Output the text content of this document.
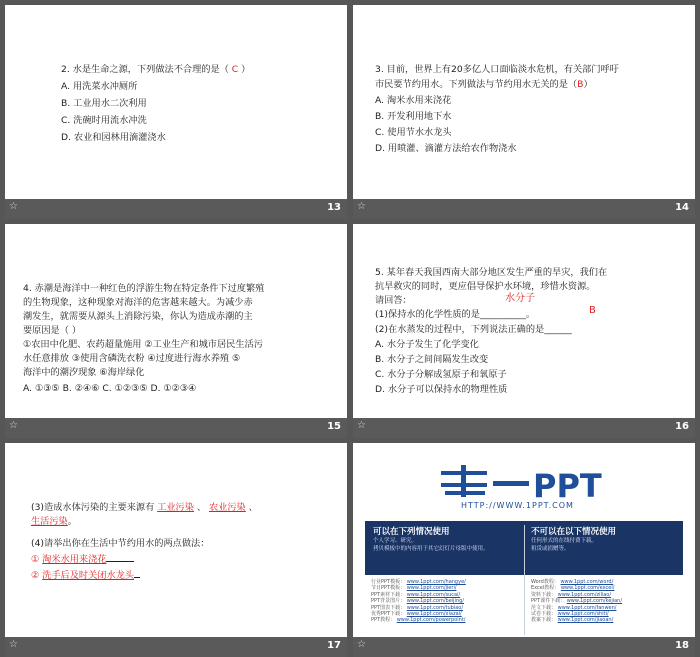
2. 水是生命之源，下列做法不合理的是（ C ）
A. 用洗菜水冲厕所
B. 工业用水二次利用
C. 洗碗时用流水冲洗
D. 农业和园林用滴灌浇水
☆	13
3. 目前，世界上有20多亿人口面临淡水危机，有关部门呼吁
市民要节约用水。下列做法与节约用水无关的是（B）
A. 淘米水用来浇花
B. 开发利用地下水
C. 使用节水水龙头
D. 用喷灌、滴灌方法给农作物浇水
☆	14
4. 赤潮是海洋中一种红色的浮游生物在特定条件下过度繁殖
的生物现象，这种现象对海洋的危害越来越大。为减少赤
潮发生，就需要从源头上消除污染，你认为造成赤潮的主
要原因是（ ）
①农田中化肥、农药超量施用 ②工业生产和城市居民生活污
水任意排放 ③使用含磷洗衣粉 ④过度进行海水养殖 ⑤
海洋中的潮汐现象 ⑥海岸绿化
A. ①③⑤ B. ②④⑥ C. ①②③⑤ D. ①②③④
☆	15
5. 某年春天我国西南大部分地区发生严重的旱灾，我们在
抗旱救灾的同时，更应倡导保护水环境，珍惜水资源。
请回答：	水分子
(1)保持水的化学性质的是__________。	B
(2)在水蒸发的过程中，下列说法正确的是______
A. 水分子发生了化学变化
B. 水分子之间间隔发生改变
C. 水分子分解成氢原子和氧原子
D. 水分子可以保持水的物理性质
☆	16
(3)造成水体污染的主要来源有 工业污染 、 农业污染 、
生活污染。
(4)请举出你在生活中节约用水的两点做法：
① 淘米水用来浇花
② 洗手后及时关闭水龙头
☆	17
PPT
HTTP://WWW.1PPT.COM
可以在下列情况使用
个人学习、研究。
拷贝模板中的内容用于其它幻灯片母版中使用。
不可以在以下情况使用
任何形式的在线付费下载。
租赁或捐赠等。
行业PPT模板： www.1ppt.com/hangye/
节日PPT模板： www.1ppt.com/jieri/
PPT素材下载： www.1ppt.com/sucai/
PPT背景图片： www.1ppt.com/beijing/
PPT图表下载： www.1ppt.com/tubiao/
优秀PPT下载： www.1ppt.com/xiazai/
PPT教程： www.1ppt.com/powerpoint/
Word教程： www.1ppt.com/word/
Excel教程： www.1ppt.com/excel/
资料下载： www.1ppt.com/ziliao/
PPT课件下载： www.1ppt.com/kejian/
范文下载： www.1ppt.com/fanwen/
试卷下载： www.1ppt.com/shiti/
教案下载： www.1ppt.com/jiaoan/
☆	18
